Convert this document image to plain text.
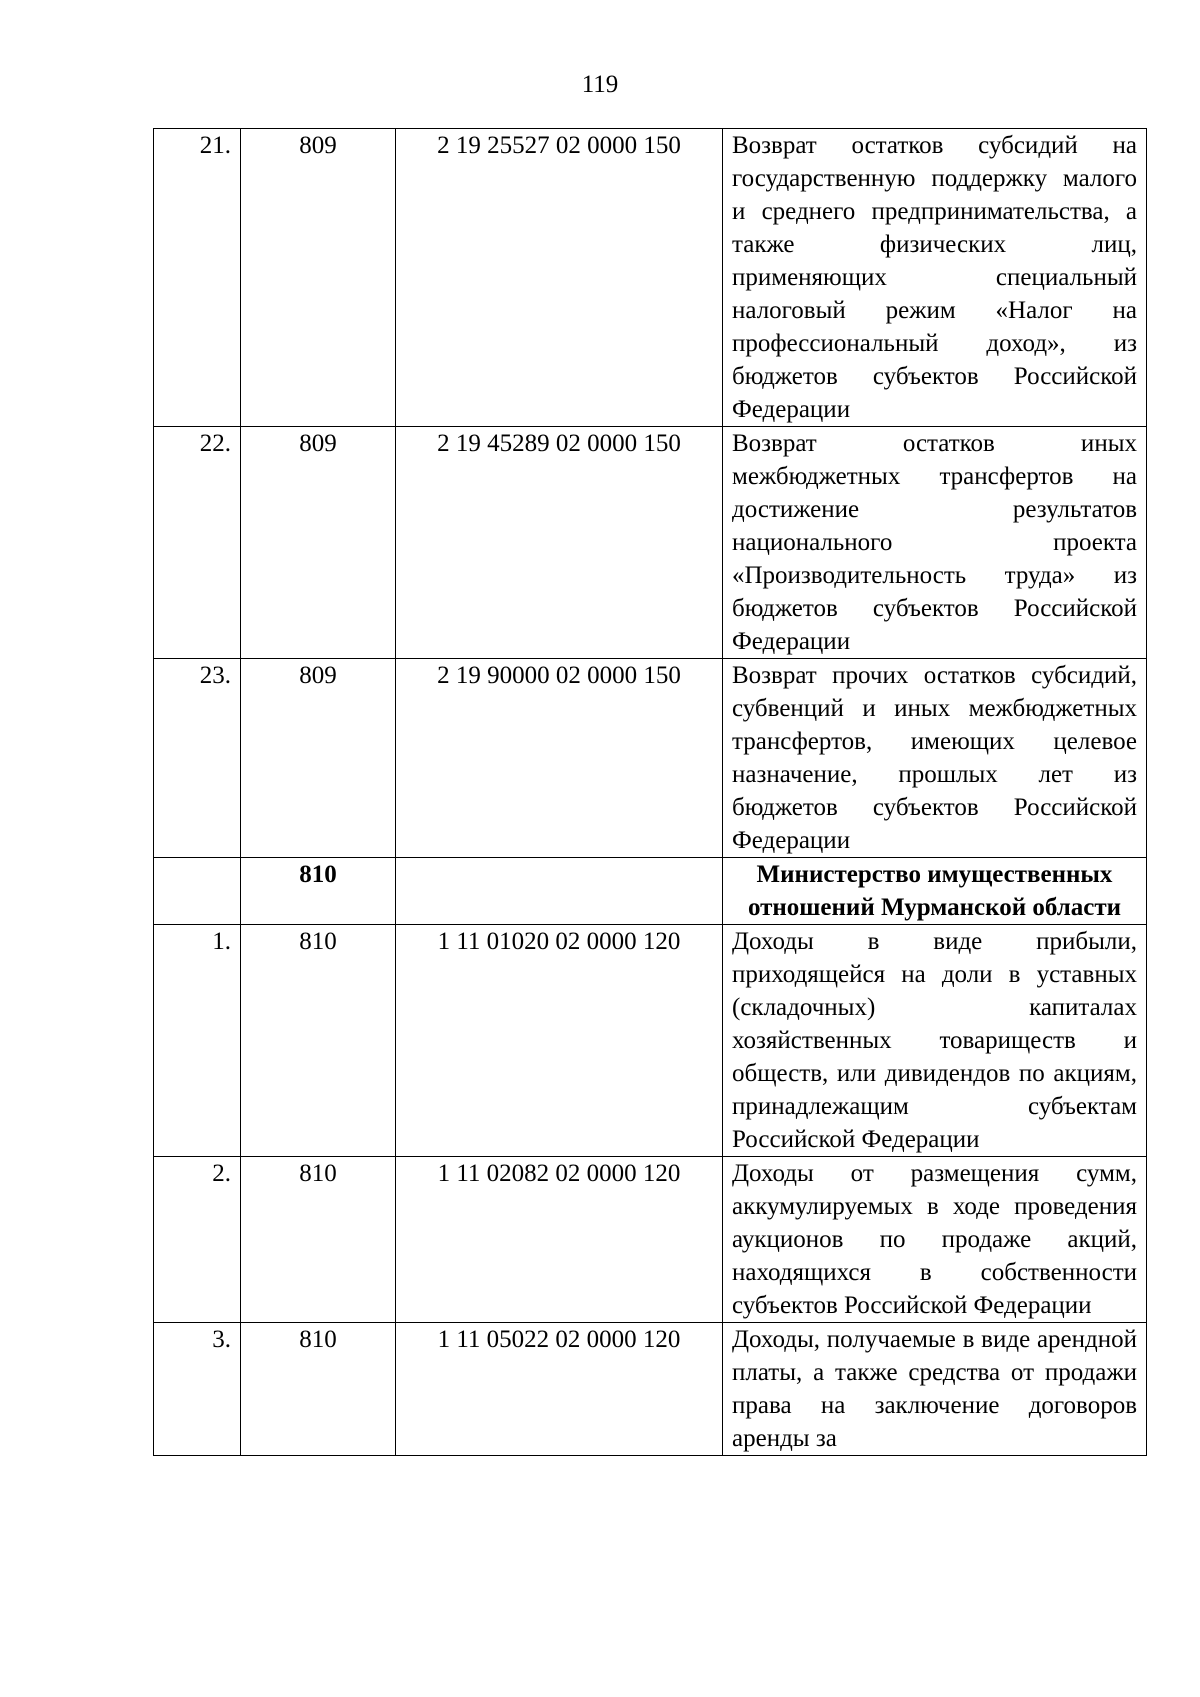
119
21.	809	2 19 25527 02 0000 150	Возврат остатков субсидий на государственную поддержку малого и среднего предпринимательства, а также физических лиц, применяющих специальный налоговый режим «Налог на профессиональный доход», из бюджетов субъектов Российской Федерации
22.	809	2 19 45289 02 0000 150	Возврат остатков иных межбюджетных трансфертов на достижение результатов национального проекта «Производительность труда» из бюджетов субъектов Российской Федерации
23.	809	2 19 90000 02 0000 150	Возврат прочих остатков субсидий, субвенций и иных межбюджетных трансфертов, имеющих целевое назначение, прошлых лет из бюджетов субъектов Российской Федерации
	810		Министерство имущественных отношений Мурманской области
1.	810	1 11 01020 02 0000 120	Доходы в виде прибыли, приходящейся на доли в уставных (складочных) капиталах хозяйственных товариществ и обществ, или дивидендов по акциям, принадлежащим субъектам Российской Федерации
2.	810	1 11 02082 02 0000 120	Доходы от размещения сумм, аккумулируемых в ходе проведения аукционов по продаже акций, находящихся в собственности субъектов Российской Федерации
3.	810	1 11 05022 02 0000 120	Доходы, получаемые в виде арендной платы, а также средства от продажи права на заключение договоров аренды за
